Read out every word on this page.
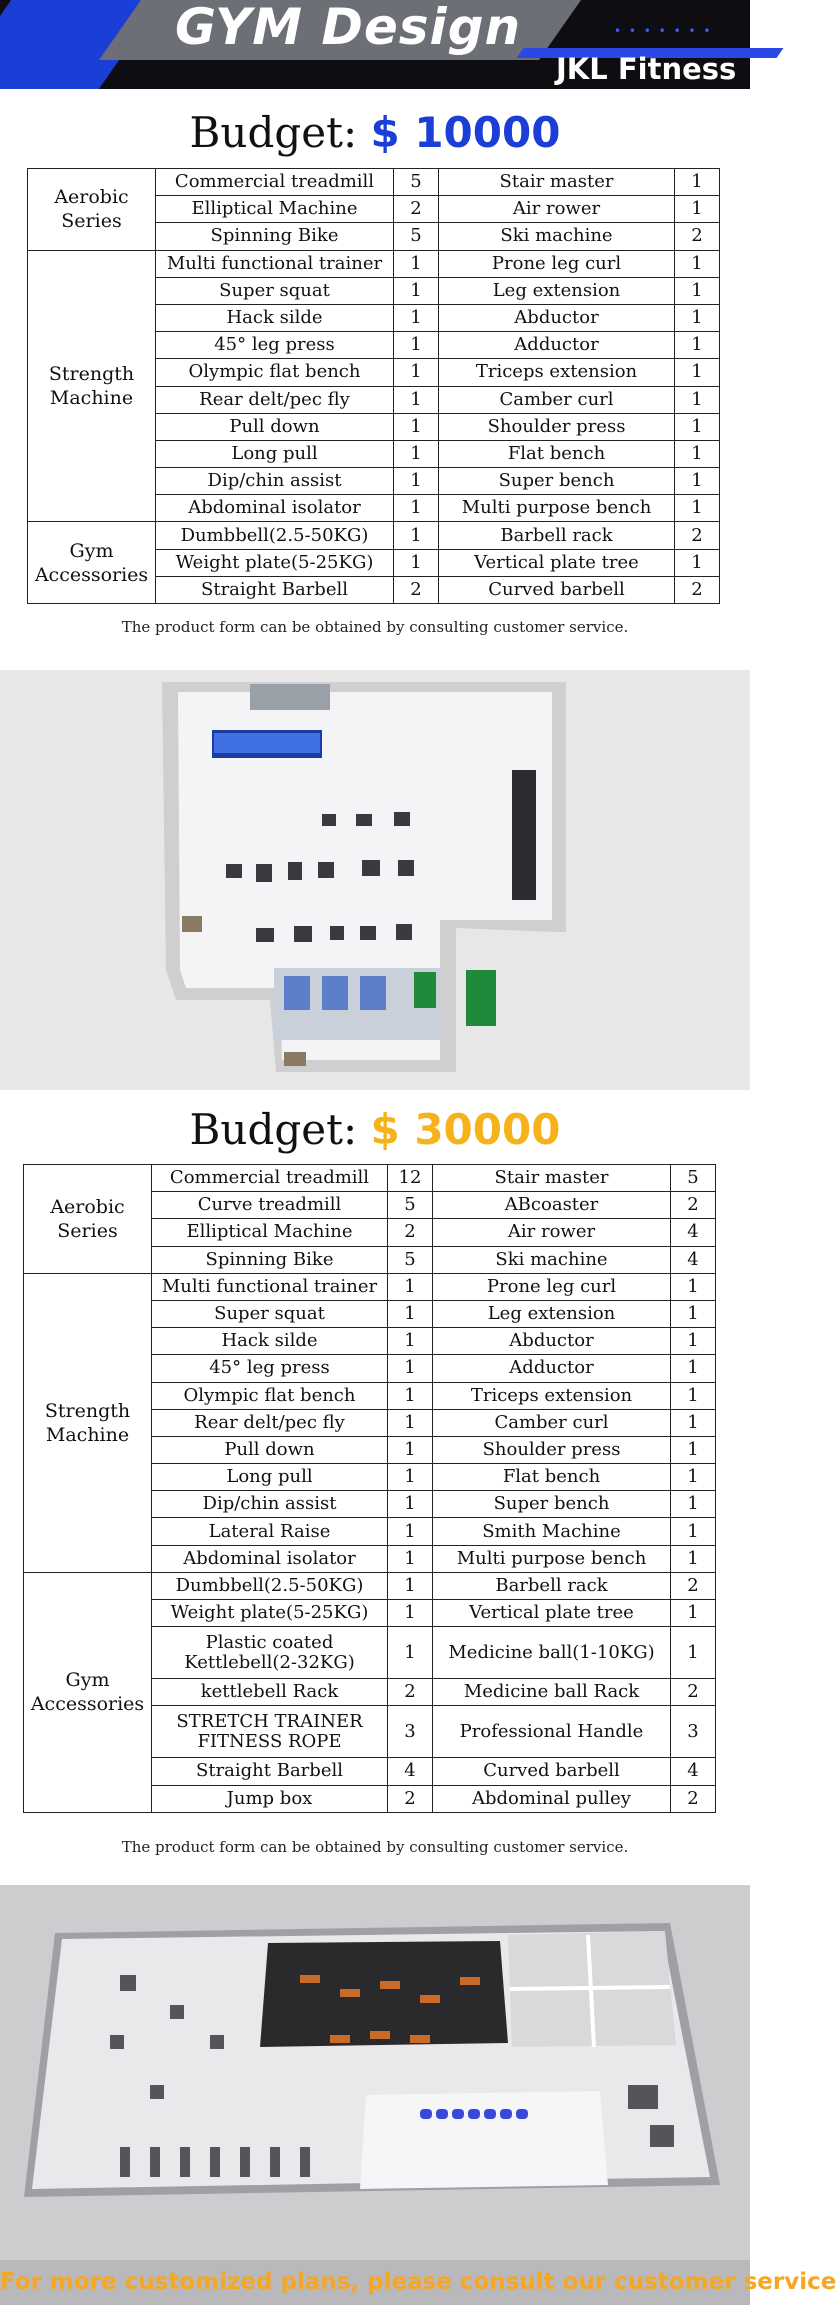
GYM Design	• • • • • • •
JKL Fitness
Budget: $ 10000
Aerobic Series	Commercial treadmill	5	Stair master	1
	Elliptical Machine	2	Air rower	1
	Spinning Bike	5	Ski machine	2
Strength Machine	Multi functional trainer	1	Prone leg curl	1
	Super squat	1	Leg extension	1
	Hack silde	1	Abductor	1
	45° leg press	1	Adductor	1
	Olympic flat bench	1	Triceps extension	1
	Rear delt/pec fly	1	Camber curl	1
	Pull down	1	Shoulder press	1
	Long pull	1	Flat bench	1
	Dip/chin assist	1	Super bench	1
	Abdominal isolator	1	Multi purpose bench	1
Gym Accessories	Dumbbell(2.5-50KG)	1	Barbell rack	2
	Weight plate(5-25KG)	1	Vertical plate tree	1
	Straight Barbell	2	Curved barbell	2
The product form can be obtained by consulting customer service.
Budget: $ 30000
Aerobic Series	Commercial treadmill	12	Stair master	5
	Curve treadmill	5	ABcoaster	2
	Elliptical Machine	2	Air rower	4
	Spinning Bike	5	Ski machine	4
Strength Machine	Multi functional trainer	1	Prone leg curl	1
	Super squat	1	Leg extension	1
	Hack silde	1	Abductor	1
	45° leg press	1	Adductor	1
	Olympic flat bench	1	Triceps extension	1
	Rear delt/pec fly	1	Camber curl	1
	Pull down	1	Shoulder press	1
	Long pull	1	Flat bench	1
	Dip/chin assist	1	Super bench	1
	Lateral Raise	1	Smith Machine	1
	Abdominal isolator	1	Multi purpose bench	1
Gym Accessories	Dumbbell(2.5-50KG)	1	Barbell rack	2
	Weight plate(5-25KG)	1	Vertical plate tree	1
	Plastic coated Kettlebell(2-32KG)	1	Medicine ball(1-10KG)	1
	kettlebell Rack	2	Medicine ball Rack	2
	STRETCH TRAINER FITNESS ROPE	3	Professional Handle	3
	Straight Barbell	4	Curved barbell	4
	Jump box	2	Abdominal pulley	2
The product form can be obtained by consulting customer service.
For more customized plans, please consult our customer service
